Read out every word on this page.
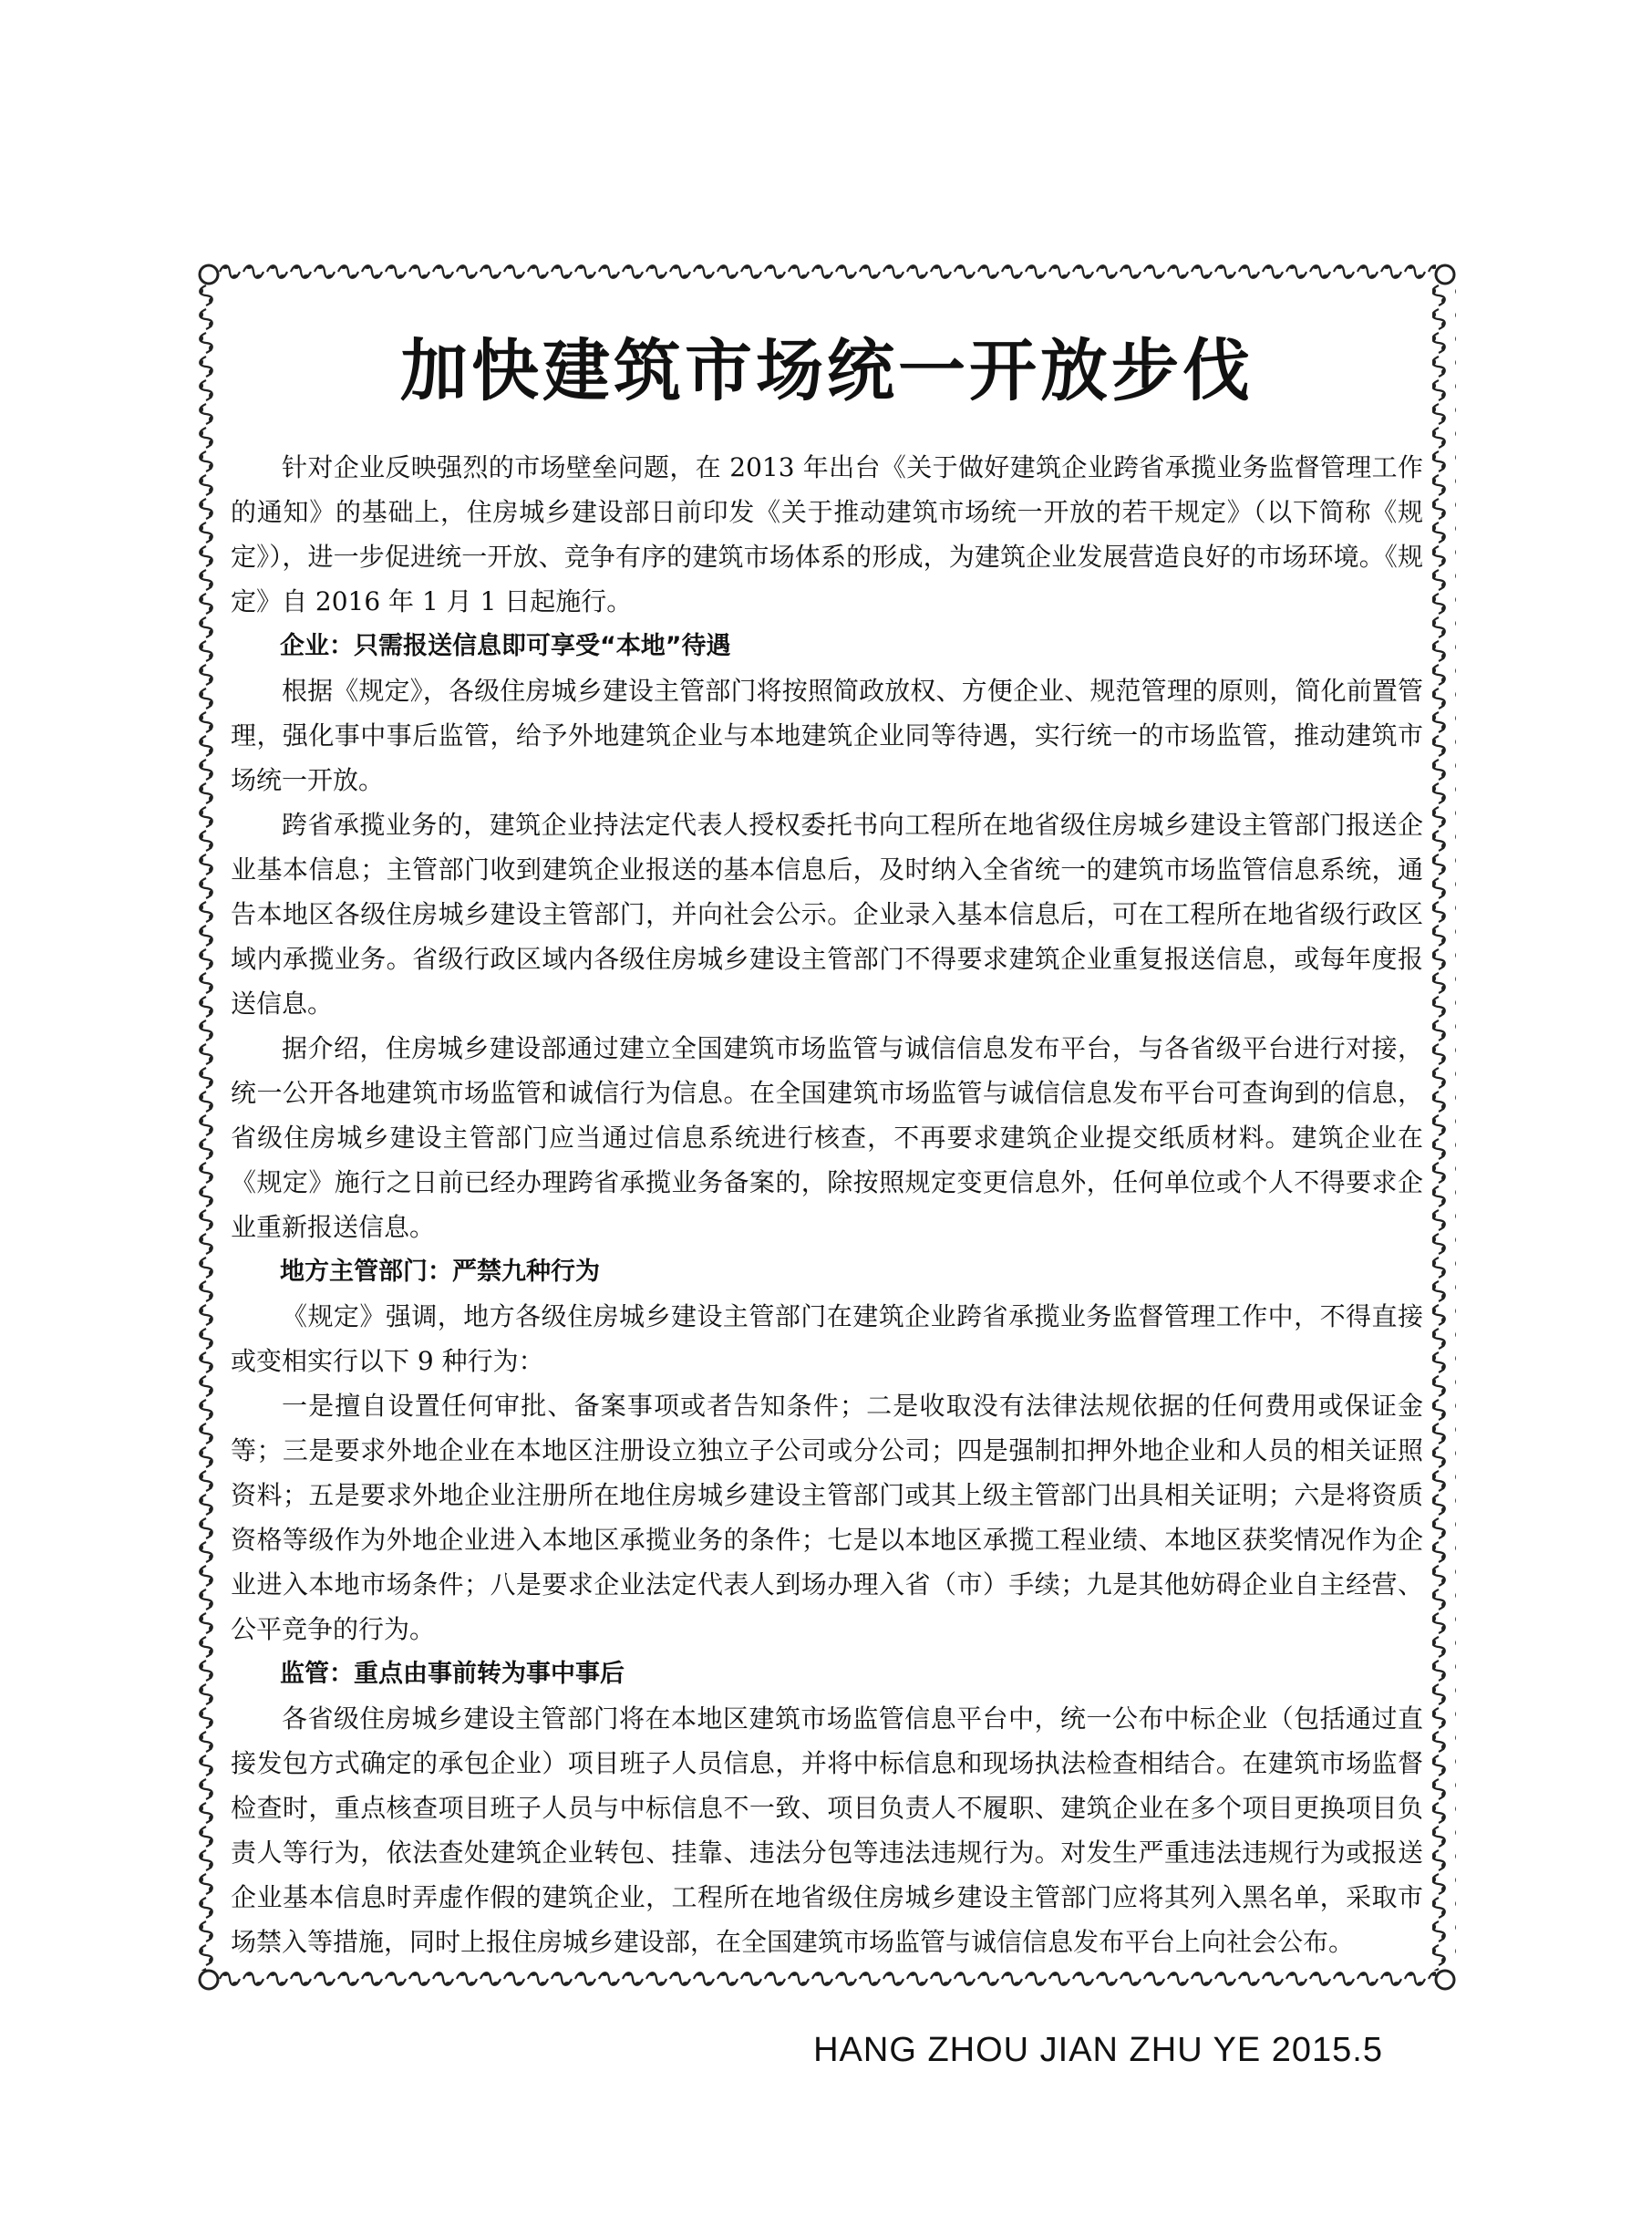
加快建筑市场统一开放步伐

针对企业反映强烈的市场壁垒问题，在 2013 年出台《关于做好建筑企业跨省承揽业务监督管理工作的通知》的基础上，住房城乡建设部日前印发《关于推动建筑市场统一开放的若干规定》（以下简称《规定》），进一步促进统一开放、竞争有序的建筑市场体系的形成，为建筑企业发展营造良好的市场环境。《规定》自 2016 年 1 月 1 日起施行。

企业：只需报送信息即可享受“本地”待遇

根据《规定》，各级住房城乡建设主管部门将按照简政放权、方便企业、规范管理的原则，简化前置管理，强化事中事后监管，给予外地建筑企业与本地建筑企业同等待遇，实行统一的市场监管，推动建筑市场统一开放。

跨省承揽业务的，建筑企业持法定代表人授权委托书向工程所在地省级住房城乡建设主管部门报送企业基本信息；主管部门收到建筑企业报送的基本信息后，及时纳入全省统一的建筑市场监管信息系统，通告本地区各级住房城乡建设主管部门，并向社会公示。企业录入基本信息后，可在工程所在地省级行政区域内承揽业务。省级行政区域内各级住房城乡建设主管部门不得要求建筑企业重复报送信息，或每年度报送信息。

据介绍，住房城乡建设部通过建立全国建筑市场监管与诚信信息发布平台，与各省级平台进行对接，统一公开各地建筑市场监管和诚信行为信息。在全国建筑市场监管与诚信信息发布平台可查询到的信息，省级住房城乡建设主管部门应当通过信息系统进行核查，不再要求建筑企业提交纸质材料。建筑企业在《规定》施行之日前已经办理跨省承揽业务备案的，除按照规定变更信息外，任何单位或个人不得要求企业重新报送信息。

地方主管部门：严禁九种行为

《规定》强调，地方各级住房城乡建设主管部门在建筑企业跨省承揽业务监督管理工作中，不得直接或变相实行以下 9 种行为：

一是擅自设置任何审批、备案事项或者告知条件；二是收取没有法律法规依据的任何费用或保证金等；三是要求外地企业在本地区注册设立独立子公司或分公司；四是强制扣押外地企业和人员的相关证照资料；五是要求外地企业注册所在地住房城乡建设主管部门或其上级主管部门出具相关证明；六是将资质资格等级作为外地企业进入本地区承揽业务的条件；七是以本地区承揽工程业绩、本地区获奖情况作为企业进入本地市场条件；八是要求企业法定代表人到场办理入省（市）手续；九是其他妨碍企业自主经营、公平竞争的行为。

监管：重点由事前转为事中事后

各省级住房城乡建设主管部门将在本地区建筑市场监管信息平台中，统一公布中标企业（包括通过直接发包方式确定的承包企业）项目班子人员信息，并将中标信息和现场执法检查相结合。在建筑市场监督检查时，重点核查项目班子人员与中标信息不一致、项目负责人不履职、建筑企业在多个项目更换项目负责人等行为，依法查处建筑企业转包、挂靠、违法分包等违法违规行为。对发生严重违法违规行为或报送企业基本信息时弄虚作假的建筑企业，工程所在地省级住房城乡建设主管部门应将其列入黑名单，采取市场禁入等措施，同时上报住房城乡建设部，在全国建筑市场监管与诚信信息发布平台上向社会公布。

HANG ZHOU JIAN ZHU YE 2015.5
